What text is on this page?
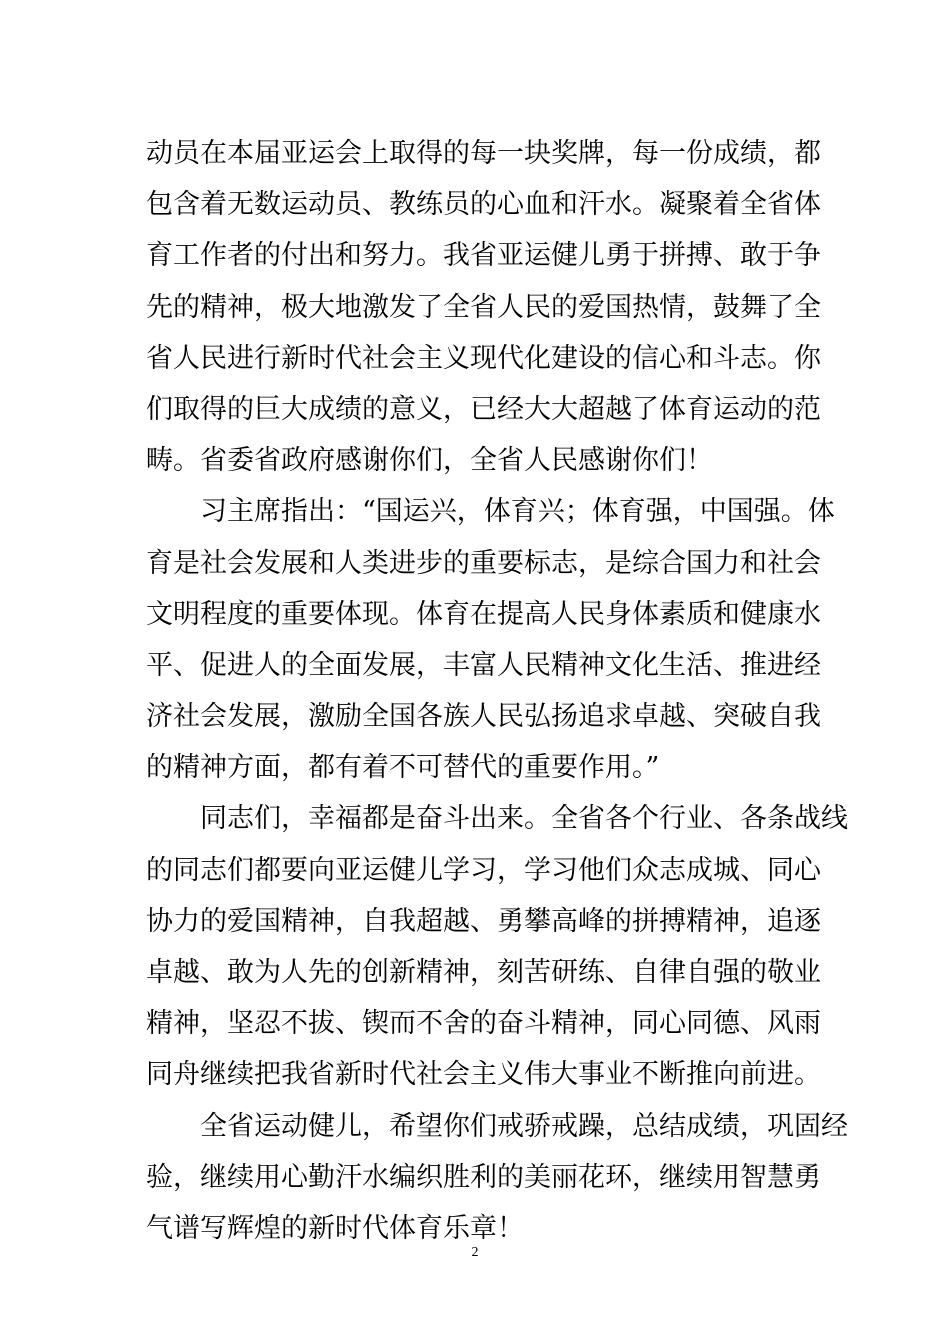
动员在本届亚运会上取得的每一块奖牌，每一份成绩，都
包含着无数运动员、教练员的心血和汗水。凝聚着全省体
育工作者的付出和努力。我省亚运健儿勇于拼搏、敢于争
先的精神，极大地激发了全省人民的爱国热情，鼓舞了全
省人民进行新时代社会主义现代化建设的信心和斗志。你
们取得的巨大成绩的意义，已经大大超越了体育运动的范
畴。省委省政府感谢你们，全省人民感谢你们！
　　习主席指出：“国运兴，体育兴；体育强，中国强。体
育是社会发展和人类进步的重要标志，是综合国力和社会
文明程度的重要体现。体育在提高人民身体素质和健康水
平、促进人的全面发展，丰富人民精神文化生活、推进经
济社会发展，激励全国各族人民弘扬追求卓越、突破自我
的精神方面，都有着不可替代的重要作用。”
　　同志们，幸福都是奋斗出来。全省各个行业、各条战线
的同志们都要向亚运健儿学习，学习他们众志成城、同心
协力的爱国精神，自我超越、勇攀高峰的拼搏精神，追逐
卓越、敢为人先的创新精神，刻苦研练、自律自强的敬业
精神，坚忍不拔、锲而不舍的奋斗精神，同心同德、风雨
同舟继续把我省新时代社会主义伟大事业不断推向前进。
　　全省运动健儿，希望你们戒骄戒躁，总结成绩，巩固经
验，继续用心勤汗水编织胜利的美丽花环，继续用智慧勇
气谱写辉煌的新时代体育乐章！
2
